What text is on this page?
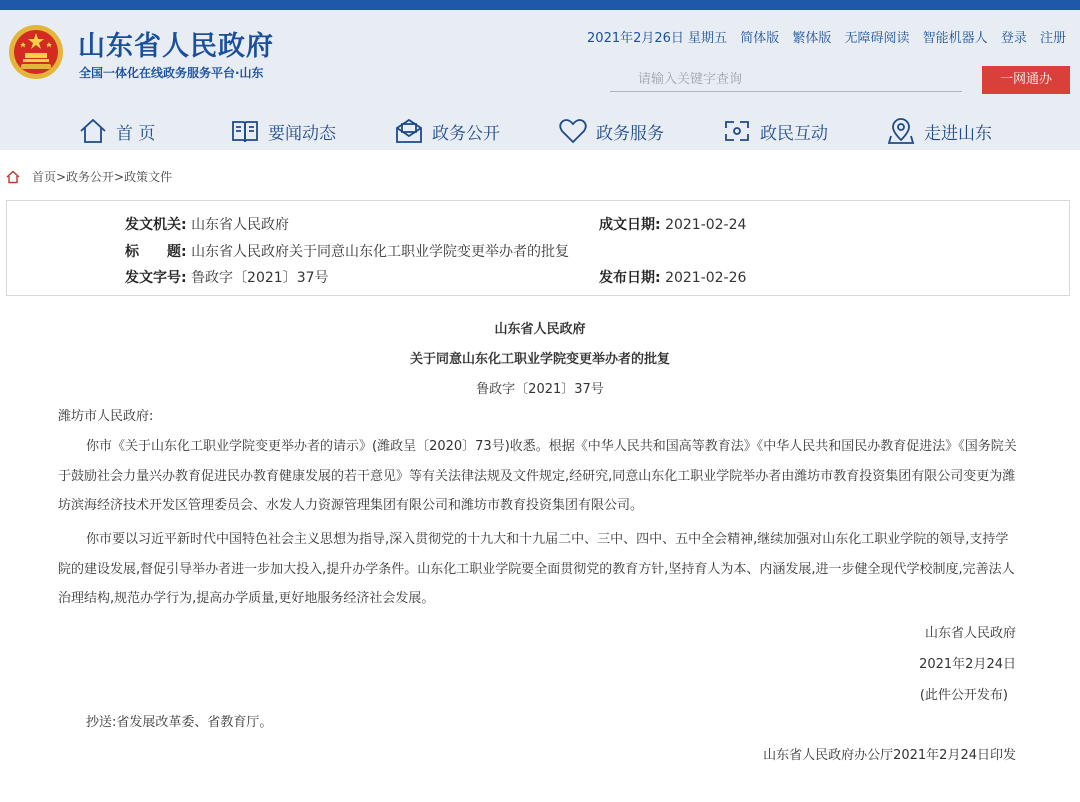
山东省人民政府
全国一体化在线政务服务平台·山东
2021年2月26日 星期五 简体版 繁体版 无障碍阅读 智能机器人 登录 注册
请输入关键字查询
一网通办
首 页	要闻动态	政务公开	政务服务	政民互动	走进山东
首页>政务公开>政策文件
发文机关: 山东省人民政府	成文日期: 2021-02-24
标　　题: 山东省人民政府关于同意山东化工职业学院变更举办者的批复
发文字号: 鲁政字〔2021〕37号	发布日期: 2021-02-26
山东省人民政府
关于同意山东化工职业学院变更举办者的批复
鲁政字〔2021〕37号
潍坊市人民政府:
你市《关于山东化工职业学院变更举办者的请示》(潍政呈〔2020〕73号)收悉。根据《中华人民共和国高等教育法》《中华人民共和国民办教育促进法》《国务院关于鼓励社会力量兴办教育促进民办教育健康发展的若干意见》等有关法律法规及文件规定,经研究,同意山东化工职业学院举办者由潍坊市教育投资集团有限公司变更为潍坊滨海经济技术开发区管理委员会、水发人力资源管理集团有限公司和潍坊市教育投资集团有限公司。
你市要以习近平新时代中国特色社会主义思想为指导,深入贯彻党的十九大和十九届二中、三中、四中、五中全会精神,继续加强对山东化工职业学院的领导,支持学院的建设发展,督促引导举办者进一步加大投入,提升办学条件。山东化工职业学院要全面贯彻党的教育方针,坚持育人为本、内涵发展,进一步健全现代学校制度,完善法人治理结构,规范办学行为,提高办学质量,更好地服务经济社会发展。
山东省人民政府
2021年2月24日
(此件公开发布)
抄送:省发展改革委、省教育厅。
山东省人民政府办公厅2021年2月24日印发
